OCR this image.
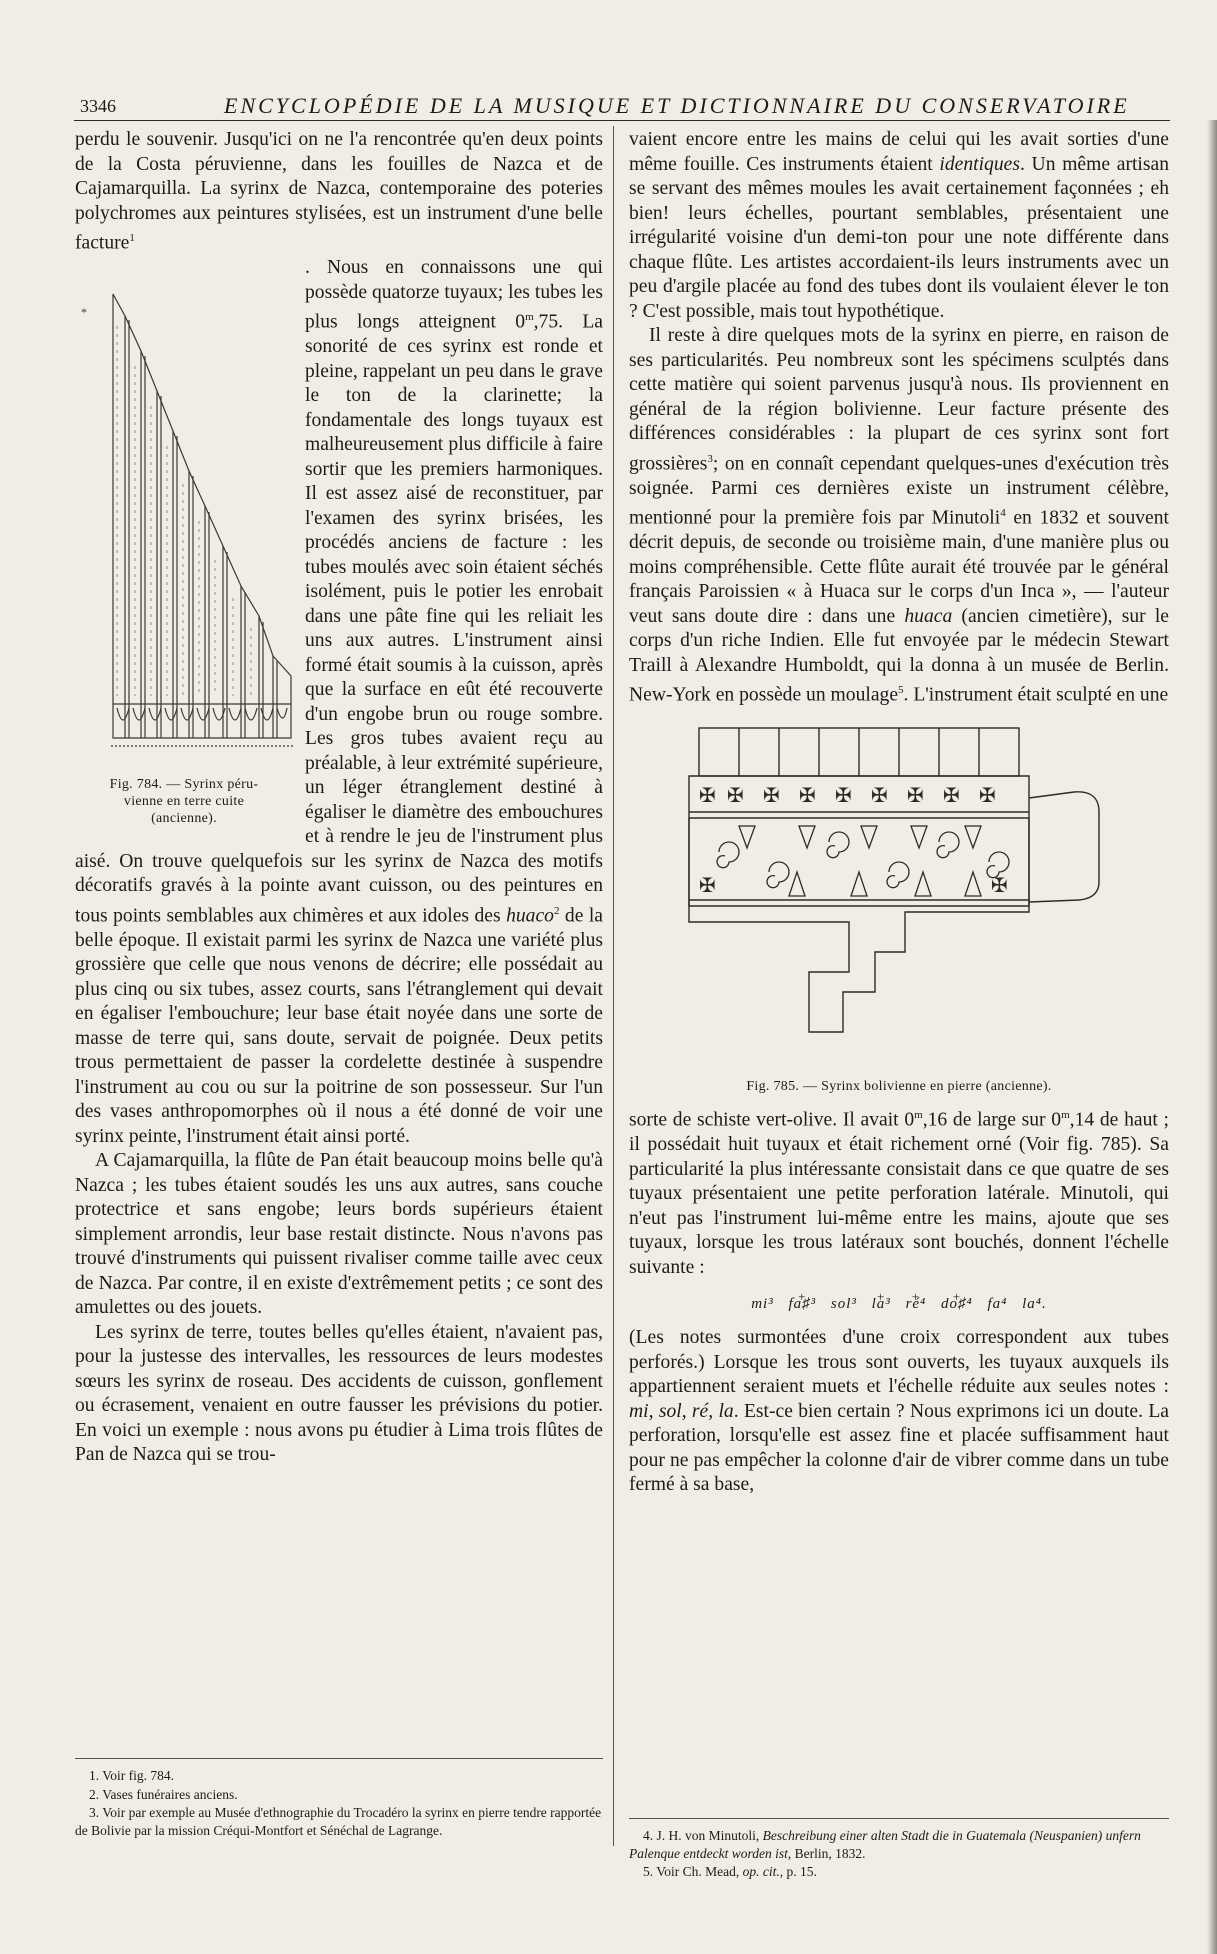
3346	ENCYCLOPÉDIE DE LA MUSIQUE ET DICTIONNAIRE DU CONSERVATOIRE

perdu le souvenir. Jusqu'ici on ne l'a rencontrée qu'en deux points de la Costa péruvienne, dans les fouilles de Nazca et de Cajamarquilla. La syrinx de Nazca, contemporaine des poteries polychromes aux peintures stylisées, est un instrument d'une belle facture$^1$

*
Fig. 784. — Syrinx péru-
vienne en terre cuite
(ancienne).

. Nous en connaissons une qui possède quatorze tuyaux; les tubes les plus longs atteignent 0$^m$,75. La sonorité de ces syrinx est ronde et pleine, rappelant un peu dans le grave le ton de la clarinette; la fondamentale des longs tuyaux est malheureusement plus difficile à faire sortir que les premiers harmoniques. Il est assez aisé de reconstituer, par l'examen des syrinx brisées, les procédés anciens de facture : les tubes moulés avec soin étaient séchés isolément, puis le potier les enrobait dans une pâte fine qui les reliait les uns aux autres. L'instrument ainsi formé était soumis à la cuisson, après que la surface en eût été recouverte d'un engobe brun ou rouge sombre. Les gros tubes avaient reçu au préalable, à leur extrémité supérieure, un léger étranglement destiné à égaliser le diamètre des embouchures et à rendre le jeu de l'instrument plus aisé. On trouve quelquefois sur les syrinx de Nazca des motifs décoratifs gravés à la pointe avant cuisson, ou des peintures en tous points semblables aux chimères et aux idoles des huaco$^2$ de la belle époque. Il existait parmi les syrinx de Nazca une variété plus grossière que celle que nous venons de décrire; elle possédait au plus cinq ou six tubes, assez courts, sans l'étranglement qui devait en égaliser l'embouchure; leur base était noyée dans une sorte de masse de terre qui, sans doute, servait de poignée. Deux petits trous permettaient de passer la cordelette destinée à suspendre l'instrument au cou ou sur la poitrine de son possesseur. Sur l'un des vases anthropomorphes où il nous a été donné de voir une syrinx peinte, l'instrument était ainsi porté.

A Cajamarquilla, la flûte de Pan était beaucoup moins belle qu'à Nazca ; les tubes étaient soudés les uns aux autres, sans couche protectrice et sans engobe; leurs bords supérieurs étaient simplement arrondis, leur base restait distincte. Nous n'avons pas trouvé d'instruments qui puissent rivaliser comme taille avec ceux de Nazca. Par contre, il en existe d'extrêmement petits ; ce sont des amulettes ou des jouets.

Les syrinx de terre, toutes belles qu'elles étaient, n'avaient pas, pour la justesse des intervalles, les ressources de leurs modestes sœurs les syrinx de roseau. Des accidents de cuisson, gonflement ou écrasement, venaient en outre fausser les prévisions du potier. En voici un exemple : nous avons pu étudier à Lima trois flûtes de Pan de Nazca qui se trou-

vaient encore entre les mains de celui qui les avait sorties d'une même fouille. Ces instruments étaient identiques. Un même artisan se servant des mêmes moules les avait certainement façonnées ; eh bien! leurs échelles, pourtant semblables, présentaient une irrégularité voisine d'un demi-ton pour une note différente dans chaque flûte. Les artistes accordaient-ils leurs instruments avec un peu d'argile placée au fond des tubes dont ils voulaient élever le ton ? C'est possible, mais tout hypothétique.

Il reste à dire quelques mots de la syrinx en pierre, en raison de ses particularités. Peu nombreux sont les spécimens sculptés dans cette matière qui soient parvenus jusqu'à nous. Ils proviennent en général de la région bolivienne. Leur facture présente des différences considérables : la plupart de ces syrinx sont fort grossières$^3$; on en connaît cependant quelques-unes d'exécution très soignée. Parmi ces dernières existe un instrument célèbre, mentionné pour la première fois par Minutoli$^4$ en 1832 et souvent décrit depuis, de seconde ou troisième main, d'une manière plus ou moins compréhensible. Cette flûte aurait été trouvée par le général français Paroissien « à Huaca sur le corps d'un Inca », — l'auteur veut sans doute dire : dans une huaca (ancien cimetière), sur le corps d'un riche Indien. Elle fut envoyée par le médecin Stewart Traill à Alexandre Humboldt, qui la donna à un musée de Berlin. New-York en possède un moulage$^5$. L'instrument était sculpté en une

✠ ✠ ✠ ✠ ✠ ✠ ✠ ✠ ✠
✠	✠
Fig. 785. — Syrinx bolivienne en pierre (ancienne).

sorte de schiste vert-olive. Il avait 0$^m$,16 de large sur 0$^m$,14 de haut ; il possédait huit tuyaux et était richement orné (Voir fig. 785). Sa particularité la plus intéressante consistait dans ce que quatre de ses tuyaux présentaient une petite perforation latérale. Minutoli, qui n'eut pas l'instrument lui-même entre les mains, ajoute que ses tuyaux, lorsque les trous latéraux sont bouchés, donnent l'échelle suivante :

mi³ + fa♯³ sol³ + la³ + ré⁴ + do♯⁴ fa⁴ la⁴.

(Les notes surmontées d'une croix correspondent aux tubes perforés.) Lorsque les trous sont ouverts, les tuyaux auxquels ils appartiennent seraient muets et l'échelle réduite aux seules notes : mi, sol, ré, la. Est-ce bien certain ? Nous exprimons ici un doute. La perforation, lorsqu'elle est assez fine et placée suffisamment haut pour ne pas empêcher la colonne d'air de vibrer comme dans un tube fermé à sa base,

1. Voir fig. 784.

2. Vases funéraires anciens.

3. Voir par exemple au Musée d'ethnographie du Trocadéro la syrinx en pierre tendre rapportée de Bolivie par la mission Créqui-Montfort et Sénéchal de Lagrange.	4. J. H. von Minutoli, Beschreibung einer alten Stadt die in Guatemala (Neuspanien) unfern Palenque entdeckt worden ist, Berlin, 1832.

5. Voir Ch. Mead, op. cit., p. 15.
